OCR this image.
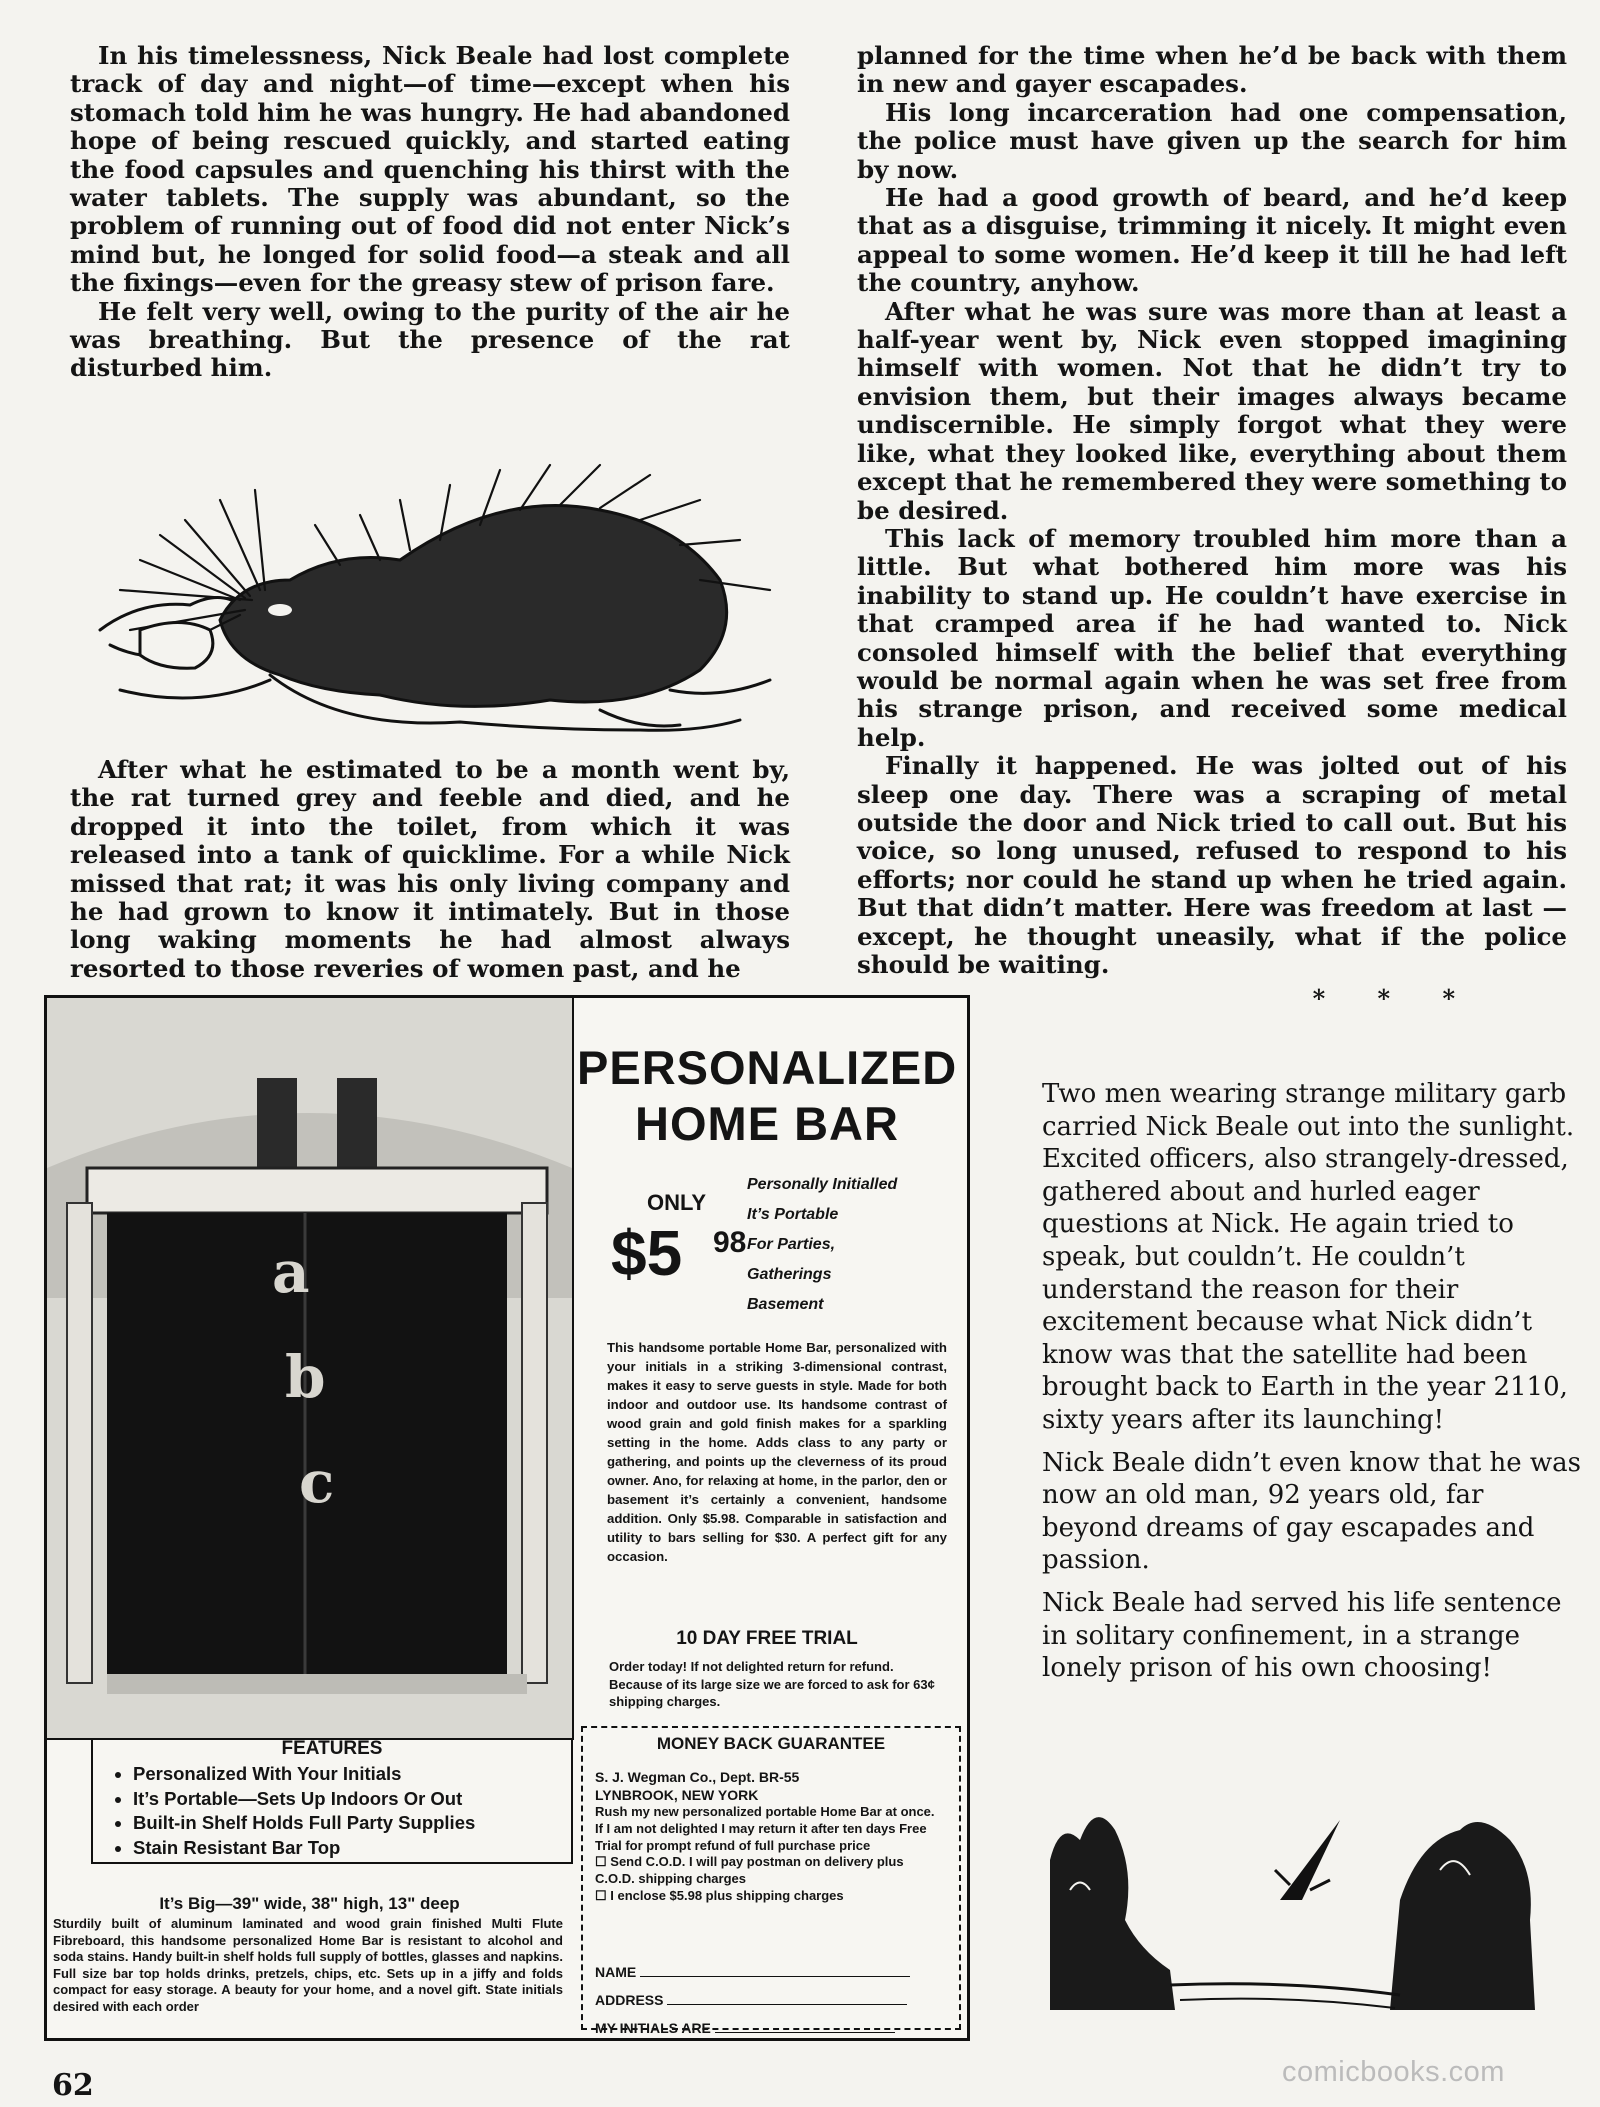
In his timelessness, Nick Beale had lost complete track of day and night—of time—except when his stomach told him he was hungry. He had abandoned hope of being rescued quickly, and started eating the food capsules and quenching his thirst with the water tablets. The supply was abundant, so the problem of running out of food did not enter Nick’s mind but, he longed for solid food—a steak and all the fixings—even for the greasy stew of prison fare.

He felt very well, owing to the purity of the air he was breathing. But the presence of the rat disturbed him.

After what he estimated to be a month went by, the rat turned grey and feeble and died, and he dropped it into the toilet, from which it was released into a tank of quicklime. For a while Nick missed that rat; it was his only living company and he had grown to know it intimately. But in those long waking moments he had almost always resorted to those reveries of women past, and he

planned for the time when he’d be back with them in new and gayer escapades.

His long incarceration had one compensation, the police must have given up the search for him by now.

He had a good growth of beard, and he’d keep that as a disguise, trimming it nicely. It might even appeal to some women. He’d keep it till he had left the country, anyhow.

After what he was sure was more than at least a half-year went by, Nick even stopped imagining himself with women. Not that he didn’t try to envision them, but their images always became undiscernible. He simply forgot what they were like, what they looked like, everything about them except that he remembered they were something to be desired.

This lack of memory troubled him more than a little. But what bothered him more was his inability to stand up. He couldn’t have exercise in that cramped area if he had wanted to. Nick consoled himself with the belief that everything would be normal again when he was set free from his strange prison, and received some medical help.

Finally it happened. He was jolted out of his sleep one day. There was a scraping of metal outside the door and Nick tried to call out. But his voice, so long unused, refused to respond to his efforts; nor could he stand up when he tried again. But that didn’t matter. Here was freedom at last —except, he thought uneasily, what if the police should be waiting.

* * *

Two men wearing strange military garb carried Nick Beale out into the sunlight. Excited officers, also strangely-dressed, gathered about and hurled eager questions at Nick. He again tried to speak, but couldn’t. He couldn’t understand the reason for their excitement because what Nick didn’t know was that the satellite had been brought back to Earth in the year 2110, sixty years after its launching!

Nick Beale didn’t even know that he was now an old man, 92 years old, far beyond dreams of gay escapades and passion.

Nick Beale had served his life sentence in solitary confinement, in a strange lonely prison of his own choosing!

a
b
c
PERSONALIZED HOME BAR
ONLY
$5 98
Personally Initialled
It’s Portable
For Parties,
Gatherings
Basement
This handsome portable Home Bar, personalized with your initials in a striking 3-dimensional contrast, makes it easy to serve guests in style. Made for both indoor and outdoor use. Its handsome contrast of wood grain and gold finish makes for a sparkling setting in the home. Adds class to any party or gathering, and points up the cleverness of its proud owner. Ano, for relaxing at home, in the parlor, den or basement it’s certainly a convenient, handsome addition. Only $5.98. Comparable in satisfaction and utility to bars selling for $30. A perfect gift for any occasion.
10 DAY FREE TRIAL
Order today! If not delighted return for refund. Because of its large size we are forced to ask for 63¢ shipping charges.
FEATURES
• Personalized With Your Initials
• It’s Portable—Sets Up Indoors Or Out
• Built-in Shelf Holds Full Party Supplies
• Stain Resistant Bar Top
It’s Big—39" wide, 38" high, 13" deep
Sturdily built of aluminum laminated and wood grain finished Multi Flute Fibreboard, this handsome personalized Home Bar is resistant to alcohol and soda stains. Handy built-in shelf holds full supply of bottles, glasses and napkins. Full size bar top holds drinks, pretzels, chips, etc. Sets up in a jiffy and folds compact for easy storage. A beauty for your home, and a novel gift. State initials desired with each order
MONEY BACK GUARANTEE
S. J. Wegman Co., Dept. BR-55
LYNBROOK, NEW YORK
Rush my new personalized portable Home Bar at once. If I am not delighted I may return it after ten days Free Trial for prompt refund of full purchase price
☐ Send C.O.D. I will pay postman on delivery plus C.O.D. shipping charges
☐ I enclose $5.98 plus shipping charges
NAME
ADDRESS
MY INITIALS ARE
62	comicbooks.com
